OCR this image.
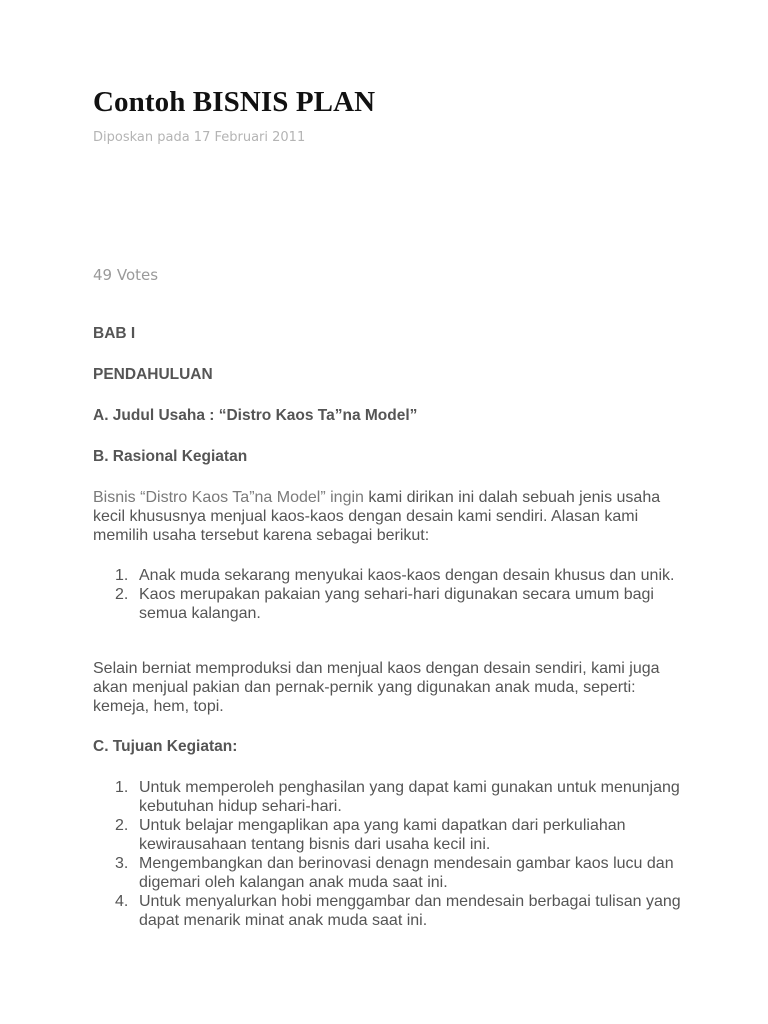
Contoh BISNIS PLAN
Diposkan pada 17 Februari 2011
49 Votes
BAB I
PENDAHULUAN
A. Judul Usaha : “Distro Kaos Ta”na Model”
B. Rasional Kegiatan

Bisnis “Distro Kaos Ta”na Model” ingin kami dirikan ini dalah sebuah jenis usaha kecil khususnya menjual kaos-kaos dengan desain kami sendiri. Alasan kami memilih usaha tersebut karena sebagai berikut:

1. Anak muda sekarang menyukai kaos-kaos dengan desain khusus dan unik.
2. Kaos merupakan pakaian yang sehari-hari digunakan secara umum bagi semua kalangan.

Selain berniat memproduksi dan menjual kaos dengan desain sendiri, kami juga akan menjual pakian dan pernak-pernik yang digunakan anak muda, seperti: kemeja, hem, topi.

C. Tujuan Kegiatan:
1. Untuk memperoleh penghasilan yang dapat kami gunakan untuk menunjang kebutuhan hidup sehari-hari.
2. Untuk belajar mengaplikan apa yang kami dapatkan dari perkuliahan kewirausahaan tentang bisnis dari usaha kecil ini.
3. Mengembangkan dan berinovasi denagn mendesain gambar kaos lucu dan digemari oleh kalangan anak muda saat ini.
4. Untuk menyalurkan hobi menggambar dan mendesain berbagai tulisan yang dapat menarik minat anak muda saat ini.
